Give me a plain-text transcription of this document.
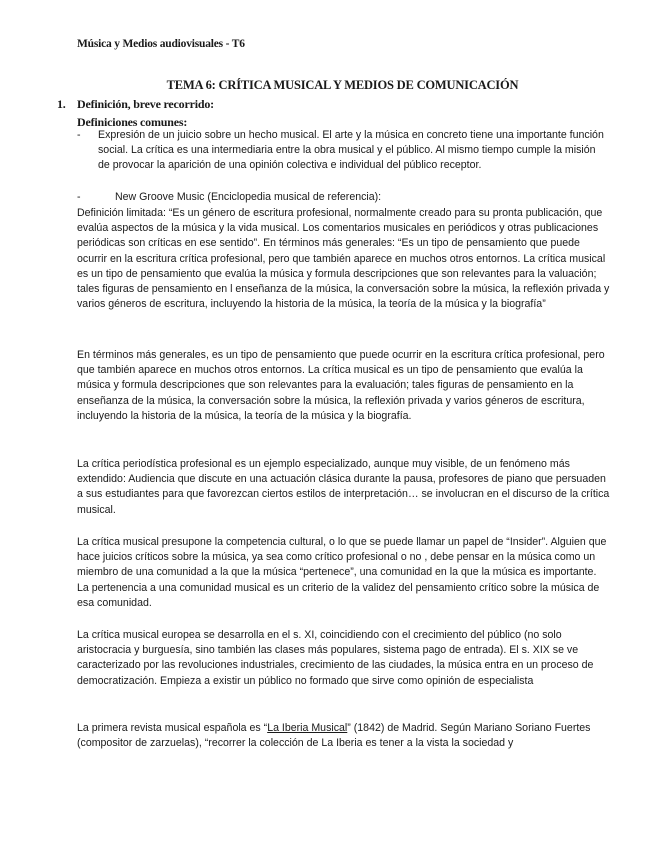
Música y Medios audiovisuales - T6
TEMA 6: CRÍTICA MUSICAL Y MEDIOS DE COMUNICACIÓN
1. Definición, breve recorrido:
Definiciones comunes:
- Expresión de un juicio sobre un hecho musical. El arte y la música en concreto tiene una importante función social. La crítica es una intermediaria entre la obra musical y el público. Al mismo tiempo cumple la misión de provocar la aparición de una opinión colectiva e individual del público receptor.
-	New Groove Music (Enciclopedia musical de referencia):
Definición limitada: “Es un género de escritura profesional, normalmente creado para su pronta publicación, que evalúa aspectos de la música y la vida musical. Los comentarios musicales en periódicos y otras publicaciones periódicas son críticas en ese sentido”. En términos más generales: “Es un tipo de pensamiento que puede ocurrir en la escritura crítica profesional, pero que también aparece en muchos otros entornos. La crítica musical es un tipo de pensamiento que evalúa la música y formula descripciones que son relevantes para la valuación; tales figuras de pensamiento en l enseñanza de la música, la conversación sobre la música, la reflexión privada y varios géneros de escritura, incluyendo la historia de la música, la teoría de la música y la biografía”
En términos más generales, es un tipo de pensamiento que puede ocurrir en la escritura crítica profesional, pero que también aparece en muchos otros entornos. La crítica musical es un tipo de pensamiento que evalúa la música y formula descripciones que son relevantes para la evaluación; tales figuras de pensamiento en la enseñanza de la música, la conversación sobre la música, la reflexión privada y varios géneros de escritura, incluyendo la historia de la música, la teoría de la música y la biografía.
La crítica periodística profesional es un ejemplo especializado, aunque muy visible, de un fenómeno más extendido: Audiencia que discute en una actuación clásica durante la pausa, profesores de piano que persuaden a sus estudiantes para que favorezcan ciertos estilos de interpretación… se involucran en el discurso de la crítica musical.
La crítica musical presupone la competencia cultural, o lo que se puede llamar un papel de “Insider”. Alguien que hace juicios críticos sobre la música, ya sea como crítico profesional o no , debe pensar en la música como un miembro de una comunidad a la que la música “pertenece”, una comunidad en la que la música es importante. La pertenencia a una comunidad musical es un criterio de la validez del pensamiento crítico sobre la música de esa comunidad.
La crítica musical europea se desarrolla en el s. XI, coincidiendo con el crecimiento del público (no solo aristocracia y burguesía, sino también las clases más populares, sistema pago de entrada). El s. XIX se ve caracterizado por las revoluciones industriales, crecimiento de las ciudades, la música entra en un proceso de democratización. Empieza a existir un público no formado que sirve como opinión de especialista
La primera revista musical española es “La Iberia Musical” (1842) de Madrid. Según Mariano Soriano Fuertes (compositor de zarzuelas), “recorrer la colección de La Iberia es tener a la vista la sociedad y
